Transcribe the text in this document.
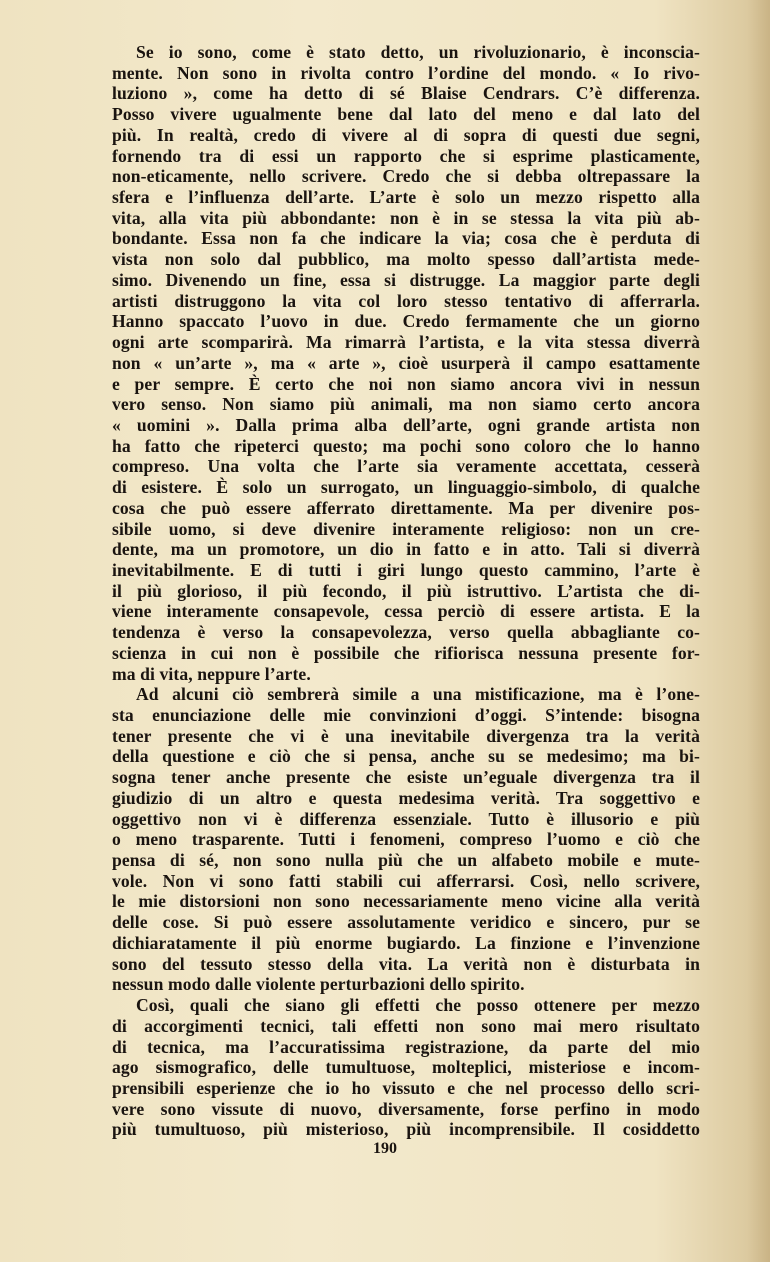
Se io sono, come è stato detto, un rivoluzionario, è inconscia-
mente. Non sono in rivolta contro l’ordine del mondo. « Io rivo-
luziono », come ha detto di sé Blaise Cendrars. C’è differenza.
Posso vivere ugualmente bene dal lato del meno e dal lato del
più. In realtà, credo di vivere al di sopra di questi due segni,
fornendo tra di essi un rapporto che si esprime plasticamente,
non-eticamente, nello scrivere. Credo che si debba oltrepassare la
sfera e l’influenza dell’arte. L’arte è solo un mezzo rispetto alla
vita, alla vita più abbondante: non è in se stessa la vita più ab-
bondante. Essa non fa che indicare la via; cosa che è perduta di
vista non solo dal pubblico, ma molto spesso dall’artista mede-
simo. Divenendo un fine, essa si distrugge. La maggior parte degli
artisti distruggono la vita col loro stesso tentativo di afferrarla.
Hanno spaccato l’uovo in due. Credo fermamente che un giorno
ogni arte scomparirà. Ma rimarrà l’artista, e la vita stessa diverrà
non « un’arte », ma « arte », cioè usurperà il campo esattamente
e per sempre. È certo che noi non siamo ancora vivi in nessun
vero senso. Non siamo più animali, ma non siamo certo ancora
« uomini ». Dalla prima alba dell’arte, ogni grande artista non
ha fatto che ripeterci questo; ma pochi sono coloro che lo hanno
compreso. Una volta che l’arte sia veramente accettata, cesserà
di esistere. È solo un surrogato, un linguaggio-simbolo, di qualche
cosa che può essere afferrato direttamente. Ma per divenire pos-
sibile uomo, si deve divenire interamente religioso: non un cre-
dente, ma un promotore, un dio in fatto e in atto. Tali si diverrà
inevitabilmente. E di tutti i giri lungo questo cammino, l’arte è
il più glorioso, il più fecondo, il più istruttivo. L’artista che di-
viene interamente consapevole, cessa perciò di essere artista. E la
tendenza è verso la consapevolezza, verso quella abbagliante co-
scienza in cui non è possibile che rifiorisca nessuna presente for-
ma di vita, neppure l’arte.
Ad alcuni ciò sembrerà simile a una mistificazione, ma è l’one-
sta enunciazione delle mie convinzioni d’oggi. S’intende: bisogna
tener presente che vi è una inevitabile divergenza tra la verità
della questione e ciò che si pensa, anche su se medesimo; ma bi-
sogna tener anche presente che esiste un’eguale divergenza tra il
giudizio di un altro e questa medesima verità. Tra soggettivo e
oggettivo non vi è differenza essenziale. Tutto è illusorio e più
o meno trasparente. Tutti i fenomeni, compreso l’uomo e ciò che
pensa di sé, non sono nulla più che un alfabeto mobile e mute-
vole. Non vi sono fatti stabili cui afferrarsi. Così, nello scrivere,
le mie distorsioni non sono necessariamente meno vicine alla verità
delle cose. Si può essere assolutamente veridico e sincero, pur se
dichiaratamente il più enorme bugiardo. La finzione e l’invenzione
sono del tessuto stesso della vita. La verità non è disturbata in
nessun modo dalle violente perturbazioni dello spirito.
Così, quali che siano gli effetti che posso ottenere per mezzo
di accorgimenti tecnici, tali effetti non sono mai mero risultato
di tecnica, ma l’accuratissima registrazione, da parte del mio
ago sismografico, delle tumultuose, molteplici, misteriose e incom-
prensibili esperienze che io ho vissuto e che nel processo dello scri-
vere sono vissute di nuovo, diversamente, forse perfino in modo
più tumultuoso, più misterioso, più incomprensibile. Il cosiddetto
190
